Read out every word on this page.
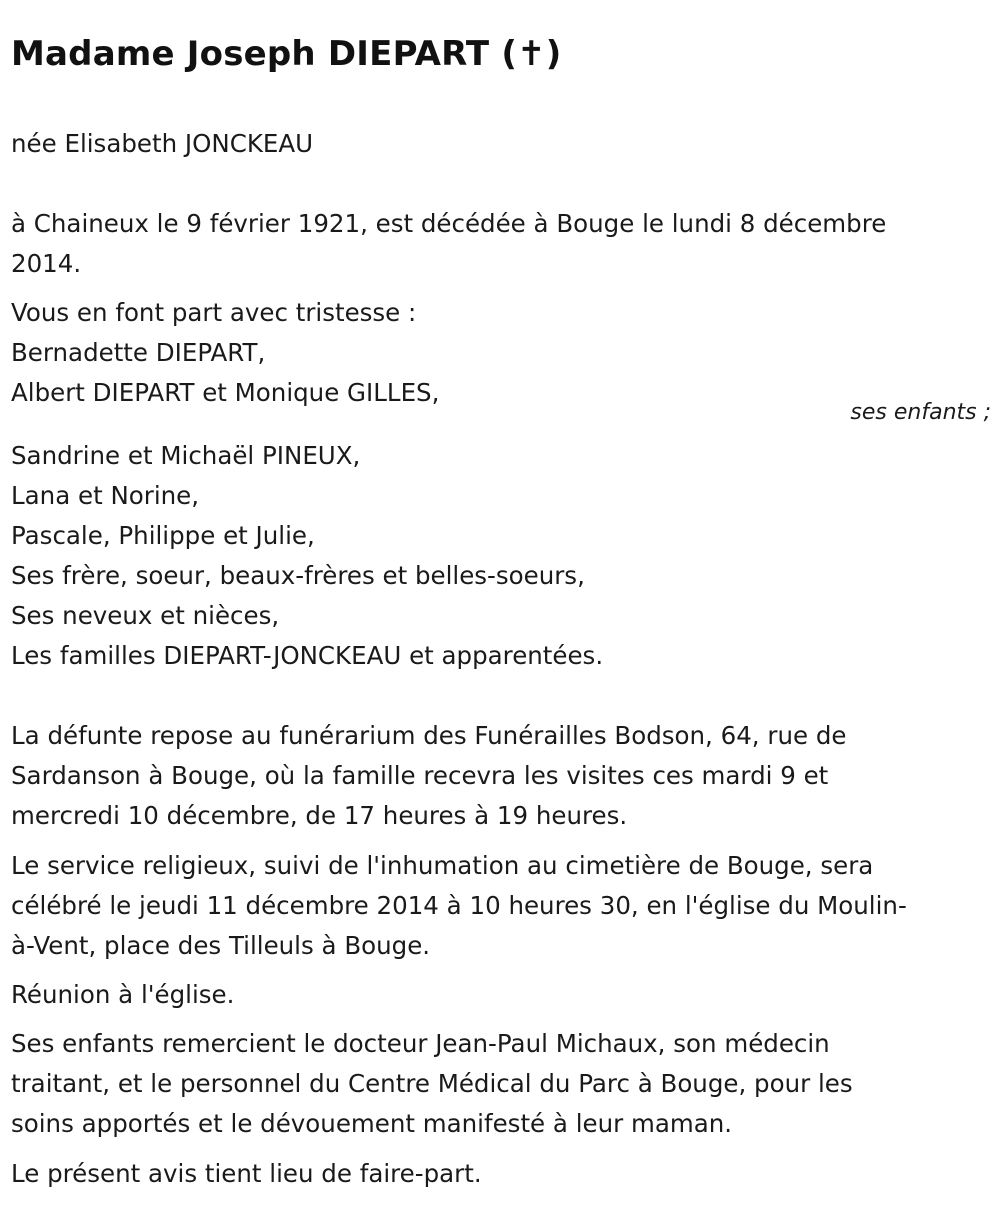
Madame Joseph DIEPART (✝)
née Elisabeth JONCKEAU
à Chaineux le 9 février 1921, est décédée à Bouge le lundi 8 décembre
2014.
Vous en font part avec tristesse :
Bernadette DIEPART,
Albert DIEPART et Monique GILLES,
ses enfants ;
Sandrine et Michaël PINEUX,
Lana et Norine,
Pascale, Philippe et Julie,
Ses frère, soeur, beaux-frères et belles-soeurs,
Ses neveux et nièces,
Les familles DIEPART-JONCKEAU et apparentées.
La défunte repose au funérarium des Funérailles Bodson, 64, rue de
Sardanson à Bouge, où la famille recevra les visites ces mardi 9 et
mercredi 10 décembre, de 17 heures à 19 heures.
Le service religieux, suivi de l'inhumation au cimetière de Bouge, sera
célébré le jeudi 11 décembre 2014 à 10 heures 30, en l'église du Moulin-
à-Vent, place des Tilleuls à Bouge.
Réunion à l'église.
Ses enfants remercient le docteur Jean-Paul Michaux, son médecin
traitant, et le personnel du Centre Médical du Parc à Bouge, pour les
soins apportés et le dévouement manifesté à leur maman.
Le présent avis tient lieu de faire-part.
